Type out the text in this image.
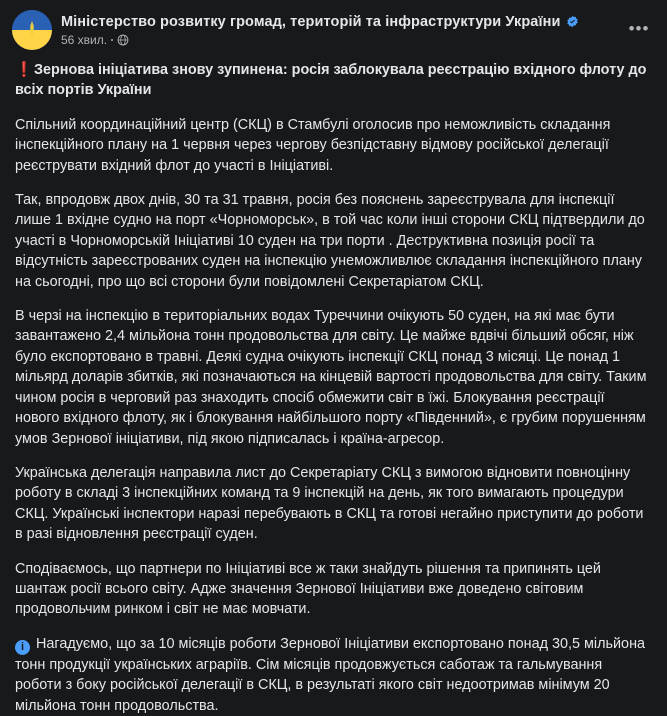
Міністерство розвитку громад, територій та інфраструктури України
56 хвил.
•••

❗ Зернова ініціатива знову зупинена: росія заблокувала реєстрацію вхідного флоту до всіх портів України

Спільний координаційний центр (СКЦ) в Стамбулі оголосив про неможливість складання інспекційного плану на 1 червня через чергову безпідставну відмову російської делегації реєструвати вхідний флот до участі в Ініціативі.

Так, впродовж двох днів, 30 та 31 травня, росія без пояснень зареєструвала для інспекції лише 1 вхідне судно на порт «Чорноморськ», в той час коли інші сторони СКЦ підтвердили до участі в Чорноморській Ініціативі 10 суден на три порти . Деструктивна позиція росії та відсутність зареєстрованих суден на інспекцію унеможливлює складання інспекційного плану на сьогодні, про що всі сторони були повідомлені Секретаріатом СКЦ.

В черзі на інспекцію в територіальних водах Туреччини очікують 50 суден, на які має бути завантажено 2,4 мільйона тонн продовольства для світу. Це майже вдвічі більший обсяг, ніж було експортовано в травні. Деякі судна очікують інспекції СКЦ понад 3 місяці. Це понад 1 мільярд доларів збитків, які позначаються на кінцевій вартості продовольства для світу. Таким чином росія в черговий раз знаходить спосіб обмежити світ в їжі. Блокування реєстрації нового вхідного флоту, як і блокування найбільшого порту «Південний», є грубим порушенням умов Зернової ініціативи, під якою підписалась і країна-агресор.

Українська делегація направила лист до Секретаріату СКЦ з вимогою відновити повноцінну роботу в складі 3 інспекційних команд та 9 інспекцій на день, як того вимагають процедури СКЦ. Українські інспектори наразі перебувають в СКЦ та готові негайно приступити до роботи в разі відновлення реєстрації суден.

Сподіваємось, що партнери по Ініціативі все ж таки знайдуть рішення та припинять цей шантаж росії всього світу. Адже значення Зернової Ініціативи вже доведено світовим продовольчим ринком і світ не має мовчати.

i Нагадуємо, що за 10 місяців роботи Зернової Ініціативи експортовано понад 30,5 мільйона тонн продукції українських аграріїв. Сім місяців продовжується саботаж та гальмування роботи з боку російської делегації в СКЦ, в результаті якого світ недоотримав мінімум 20 мільйона тонн продовольства.
